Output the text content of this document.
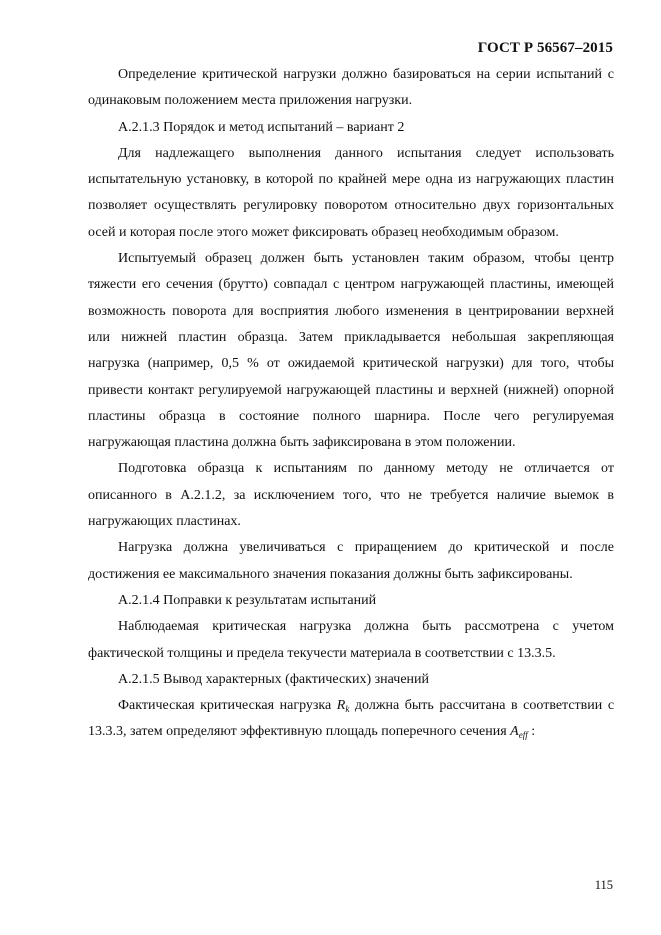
ГОСТ Р 56567–2015

Определение критической нагрузки должно базироваться на серии испытаний с одинаковым положением места приложения нагрузки.

А.2.1.3 Порядок и метод испытаний – вариант 2

Для надлежащего выполнения данного испытания следует использовать испытательную установку, в которой по крайней мере одна из нагружающих пластин позволяет осуществлять регулировку поворотом относительно двух горизонтальных осей и которая после этого может фиксировать образец необходимым образом.

Испытуемый образец должен быть установлен таким образом, чтобы центр тяжести его сечения (брутто) совпадал с центром нагружающей пластины, имеющей возможность поворота для восприятия любого изменения в центрировании верхней или нижней пластин образца. Затем прикладывается небольшая закрепляющая нагрузка (например, 0,5 % от ожидаемой критической нагрузки) для того, чтобы привести контакт регулируемой нагружающей пластины и верхней (нижней) опорной пластины образца в состояние полного шарнира. После чего регулируемая нагружающая пластина должна быть зафиксирована в этом положении.

Подготовка образца к испытаниям по данному методу не отличается от описанного в А.2.1.2, за исключением того, что не требуется наличие выемок в нагружающих пластинах.

Нагрузка должна увеличиваться с приращением до критической и после достижения ее максимального значения показания должны быть зафиксированы.

А.2.1.4 Поправки к результатам испытаний

Наблюдаемая критическая нагрузка должна быть рассмотрена с учетом фактической толщины и предела текучести материала в соответствии с 13.3.5.

А.2.1.5 Вывод характерных (фактических) значений

Фактическая критическая нагрузка $R_k$ должна быть рассчитана в соответствии с 13.3.3, затем определяют эффективную площадь поперечного сечения $A_{eff}$ :

115
